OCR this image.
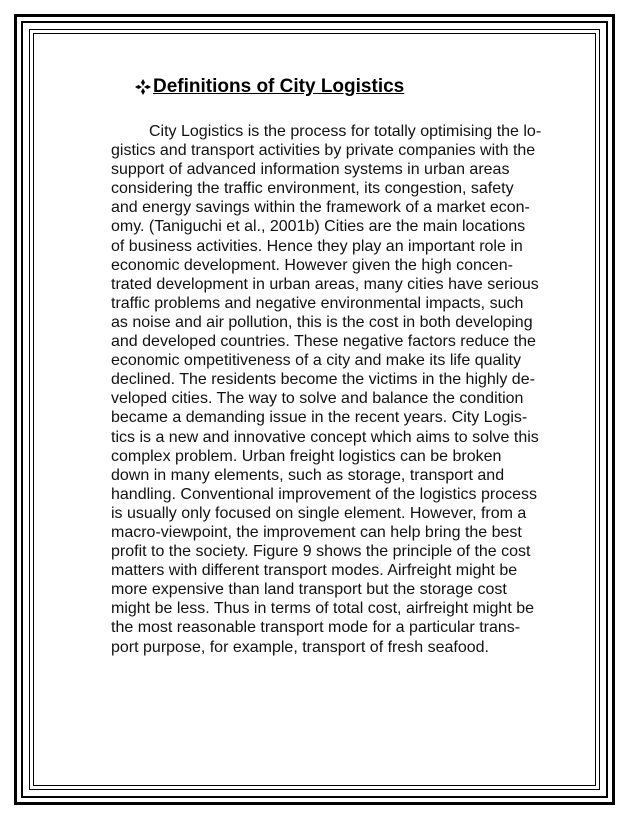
Definitions of City Logistics

City Logistics is the process for totally optimising the lo-
gistics and transport activities by private companies with the
support of advanced information systems in urban areas
considering the traffic environment, its congestion, safety
and energy savings within the framework of a market econ-
omy. (Taniguchi et al., 2001b) Cities are the main locations
of business activities. Hence they play an important role in
economic development. However given the high concen-
trated development in urban areas, many cities have serious
traffic problems and negative environmental impacts, such
as noise and air pollution, this is the cost in both developing
and developed countries. These negative factors reduce the
economic ompetitiveness of a city and make its life quality
declined. The residents become the victims in the highly de-
veloped cities. The way to solve and balance the condition
became a demanding issue in the recent years. City Logis-
tics is a new and innovative concept which aims to solve this
complex problem. Urban freight logistics can be broken
down in many elements, such as storage, transport and
handling. Conventional improvement of the logistics process
is usually only focused on single element. However, from a
macro-viewpoint, the improvement can help bring the best
profit to the society. Figure 9 shows the principle of the cost
matters with different transport modes. Airfreight might be
more expensive than land transport but the storage cost
might be less. Thus in terms of total cost, airfreight might be
the most reasonable transport mode for a particular trans-
port purpose, for example, transport of fresh seafood.
